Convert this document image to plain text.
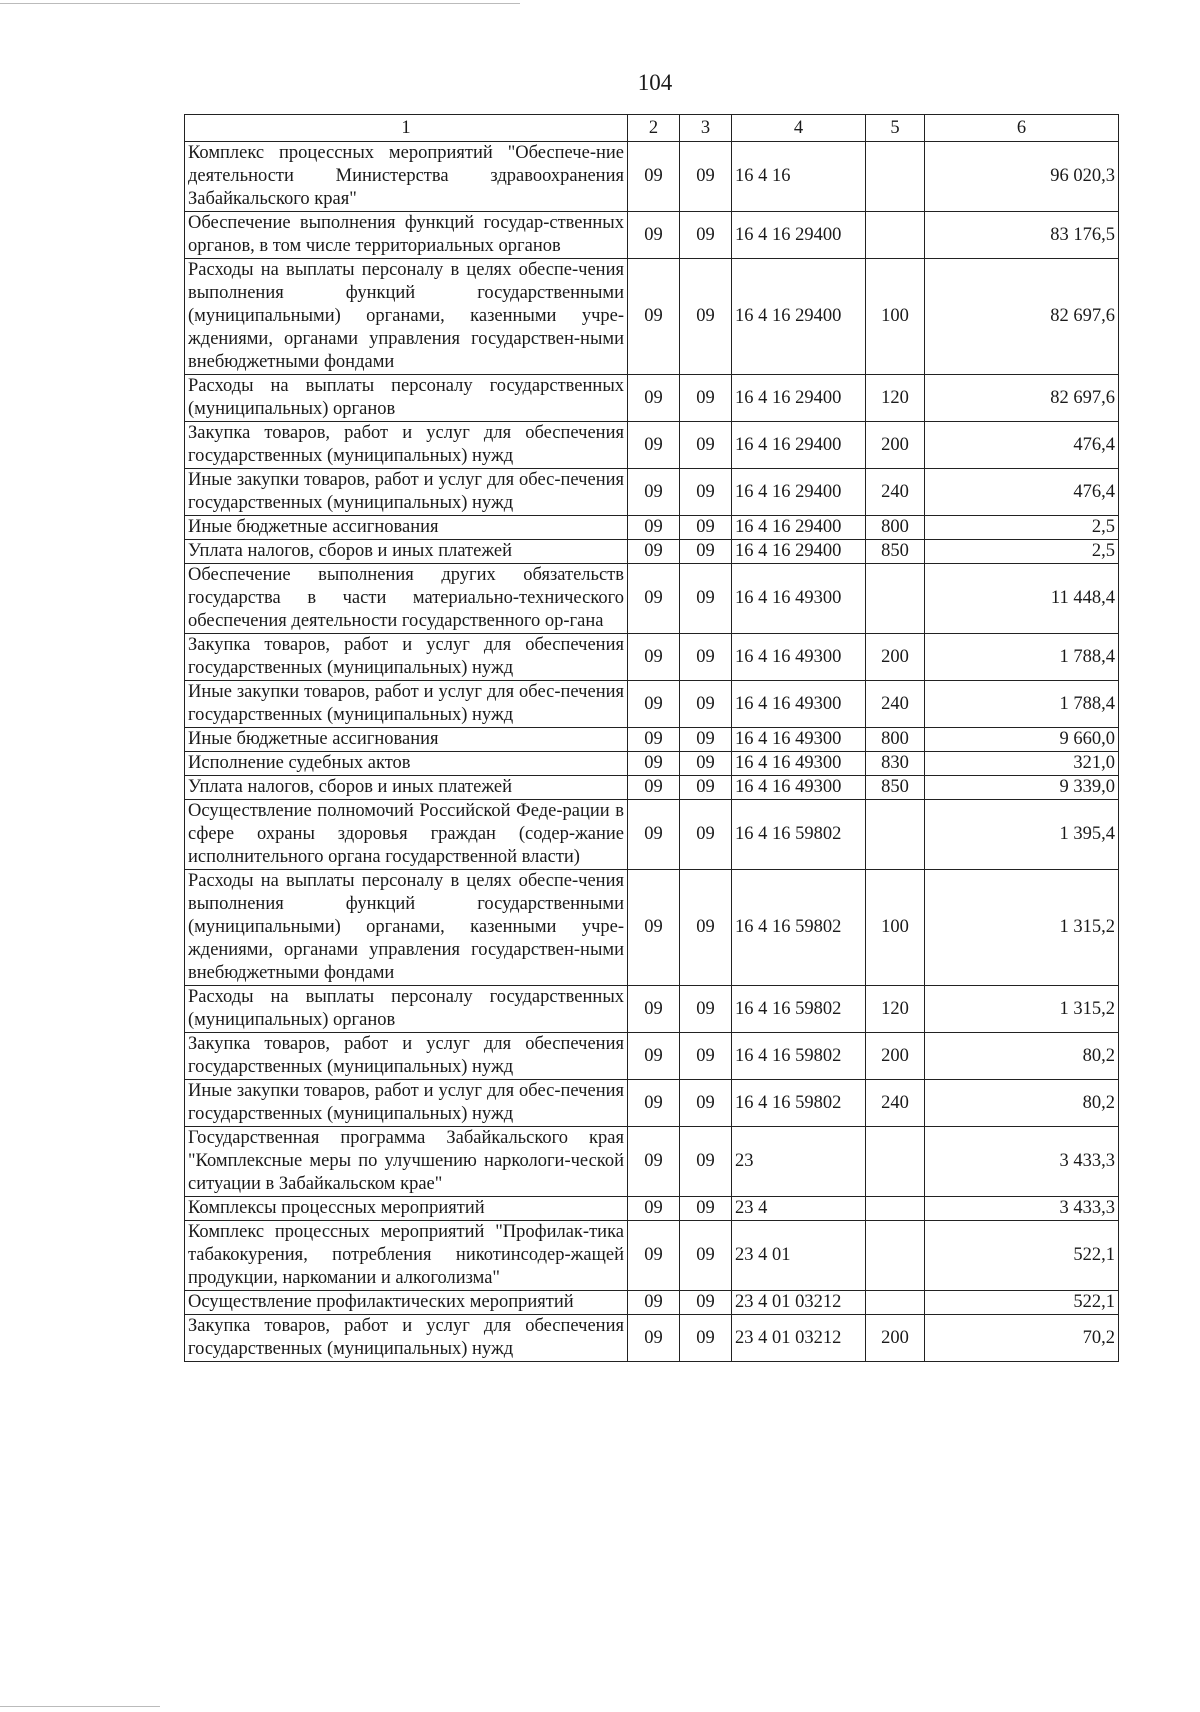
104
1	2	3	4	5	6
Комплекс процессных мероприятий "Обеспече-ние деятельности Министерства здравоохранения Забайкальского края"	09	09	16 4 16		96 020,3
Обеспечение выполнения функций государ-ственных органов, в том числе территориальных органов	09	09	16 4 16 29400		83 176,5
Расходы на выплаты персоналу в целях обеспе-чения выполнения функций государственными (муниципальными) органами, казенными учре-ждениями, органами управления государствен-ными внебюджетными фондами	09	09	16 4 16 29400	100	82 697,6
Расходы на выплаты персоналу государственных (муниципальных) органов	09	09	16 4 16 29400	120	82 697,6
Закупка товаров, работ и услуг для обеспечения государственных (муниципальных) нужд	09	09	16 4 16 29400	200	476,4
Иные закупки товаров, работ и услуг для обес-печения государственных (муниципальных) нужд	09	09	16 4 16 29400	240	476,4
Иные бюджетные ассигнования	09	09	16 4 16 29400	800	2,5
Уплата налогов, сборов и иных платежей	09	09	16 4 16 29400	850	2,5
Обеспечение выполнения других обязательств государства в части материально-технического обеспечения деятельности государственного ор-гана	09	09	16 4 16 49300		11 448,4
Закупка товаров, работ и услуг для обеспечения государственных (муниципальных) нужд	09	09	16 4 16 49300	200	1 788,4
Иные закупки товаров, работ и услуг для обес-печения государственных (муниципальных) нужд	09	09	16 4 16 49300	240	1 788,4
Иные бюджетные ассигнования	09	09	16 4 16 49300	800	9 660,0
Исполнение судебных актов	09	09	16 4 16 49300	830	321,0
Уплата налогов, сборов и иных платежей	09	09	16 4 16 49300	850	9 339,0
Осуществление полномочий Российской Феде-рации в сфере охраны здоровья граждан (содер-жание исполнительного органа государственной власти)	09	09	16 4 16 59802		1 395,4
Расходы на выплаты персоналу в целях обеспе-чения выполнения функций государственными (муниципальными) органами, казенными учре-ждениями, органами управления государствен-ными внебюджетными фондами	09	09	16 4 16 59802	100	1 315,2
Расходы на выплаты персоналу государственных (муниципальных) органов	09	09	16 4 16 59802	120	1 315,2
Закупка товаров, работ и услуг для обеспечения государственных (муниципальных) нужд	09	09	16 4 16 59802	200	80,2
Иные закупки товаров, работ и услуг для обес-печения государственных (муниципальных) нужд	09	09	16 4 16 59802	240	80,2
Государственная программа Забайкальского края "Комплексные меры по улучшению наркологи-ческой ситуации в Забайкальском крае"	09	09	23		3 433,3
Комплексы процессных мероприятий	09	09	23 4		3 433,3
Комплекс процессных мероприятий "Профилак-тика табакокурения, потребления никотинсодер-жащей продукции, наркомании и алкоголизма"	09	09	23 4 01		522,1
Осуществление профилактических мероприятий	09	09	23 4 01 03212		522,1
Закупка товаров, работ и услуг для обеспечения государственных (муниципальных) нужд	09	09	23 4 01 03212	200	70,2
